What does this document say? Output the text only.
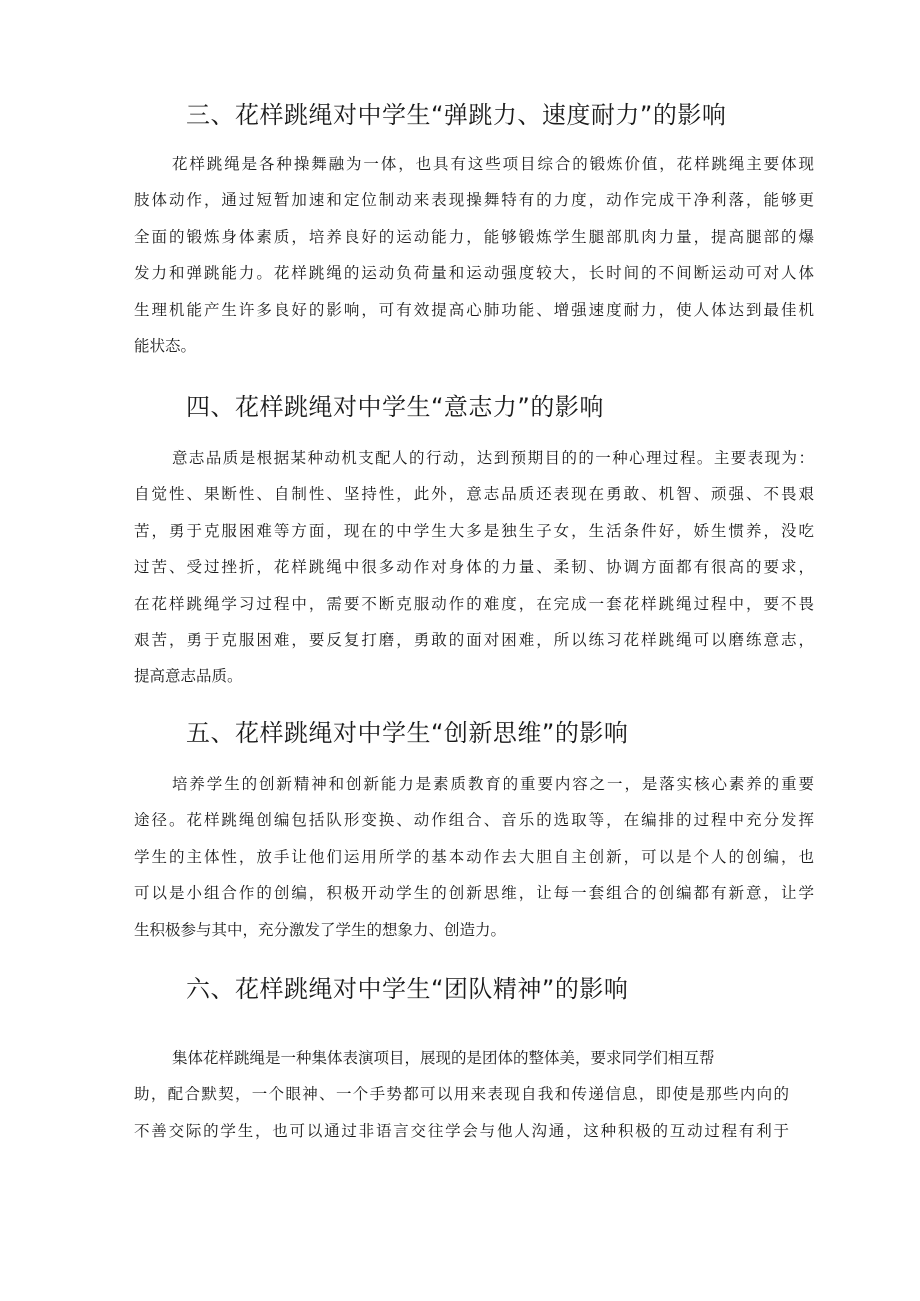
三、花样跳绳对中学生“弹跳力、速度耐力”的影响
花样跳绳是各种操舞融为一体，也具有这些项目综合的锻炼价值，花样跳绳主要体现
肢体动作，通过短暂加速和定位制动来表现操舞特有的力度，动作完成干净利落，能够更
全面的锻炼身体素质，培养良好的运动能力，能够锻炼学生腿部肌肉力量，提高腿部的爆
发力和弹跳能力。花样跳绳的运动负荷量和运动强度较大，长时间的不间断运动可对人体
生理机能产生许多良好的影响，可有效提高心肺功能、增强速度耐力，使人体达到最佳机
能状态。
四、花样跳绳对中学生“意志力”的影响
意志品质是根据某种动机支配人的行动，达到预期目的的一种心理过程。主要表现为：
自觉性、果断性、自制性、坚持性，此外，意志品质还表现在勇敢、机智、顽强、不畏艰
苦，勇于克服困难等方面，现在的中学生大多是独生子女，生活条件好，娇生惯养，没吃
过苦、受过挫折，花样跳绳中很多动作对身体的力量、柔韧、协调方面都有很高的要求，
在花样跳绳学习过程中，需要不断克服动作的难度，在完成一套花样跳绳过程中，要不畏
艰苦，勇于克服困难，要反复打磨，勇敢的面对困难，所以练习花样跳绳可以磨练意志，
提高意志品质。
五、花样跳绳对中学生“创新思维”的影响
培养学生的创新精神和创新能力是素质教育的重要内容之一，是落实核心素养的重要
途径。花样跳绳创编包括队形变换、动作组合、音乐的选取等，在编排的过程中充分发挥
学生的主体性，放手让他们运用所学的基本动作去大胆自主创新，可以是个人的创编，也
可以是小组合作的创编，积极开动学生的创新思维，让每一套组合的创编都有新意，让学
生积极参与其中，充分激发了学生的想象力、创造力。
六、花样跳绳对中学生“团队精神”的影响
集体花样跳绳是一种集体表演项目，展现的是团体的整体美，要求同学们相互帮
助，配合默契，一个眼神、一个手势都可以用来表现自我和传递信息，即使是那些内向的
不善交际的学生，也可以通过非语言交往学会与他人沟通，这种积极的互动过程有利于
